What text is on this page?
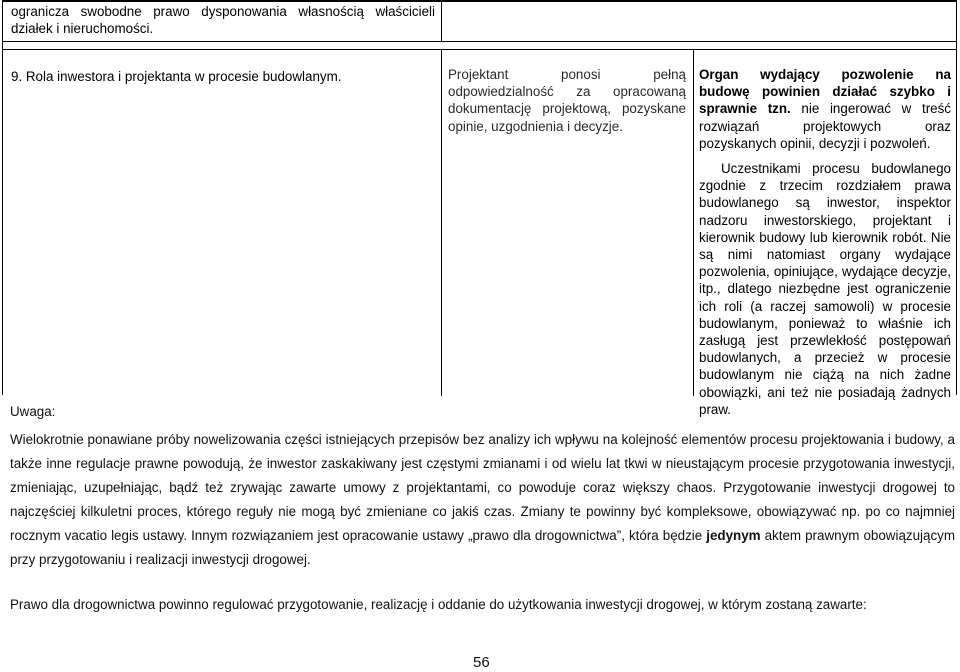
ogranicza swobodne prawo dysponowania własnością właścicieli działek i nieruchomości.
9. Rola inwestora i projektanta w procesie budowlanym.	Projektant ponosi pełną odpowiedzialność za opracowaną dokumentację projektową, pozyskane opinie, uzgodnienia i decyzje.
Organ wydający pozwolenie na budowę powinien działać szybko i sprawnie tzn. nie ingerować w treść rozwiązań projektowych oraz pozyskanych opinii, decyzji i pozwoleń.
Uczestnikami procesu budowlanego zgodnie z trzecim rozdziałem prawa budowlanego są inwestor, inspektor nadzoru inwestorskiego, projektant i kierownik budowy lub kierownik robót. Nie są nimi natomiast organy wydające pozwolenia, opiniujące, wydające decyzje, itp., dlatego niezbędne jest ograniczenie ich roli (a raczej samowoli) w procesie budowlanym, ponieważ to właśnie ich zasługą jest przewlekłość postępowań budowlanych, a przecież w procesie budowlanym nie ciążą na nich żadne obowiązki, ani też nie posiadają żadnych praw.
Uwaga:
Wielokrotnie ponawiane próby nowelizowania części istniejących przepisów bez analizy ich wpływu na kolejność elementów procesu projektowania i budowy, a także inne regulacje prawne powodują, że inwestor zaskakiwany jest częstymi zmianami i od wielu lat tkwi w nieustającym procesie przygotowania inwestycji, zmieniając, uzupełniając, bądź też zrywając zawarte umowy z projektantami, co powoduje coraz większy chaos. Przygotowanie inwestycji drogowej to najczęściej kilkuletni proces, którego reguły nie mogą być zmieniane co jakiś czas. Zmiany te powinny być kompleksowe, obowiązywać np. po co najmniej rocznym vacatio legis ustawy. Innym rozwiązaniem jest opracowanie ustawy „prawo dla drogownictwa”, która będzie jedynym aktem prawnym obowiązującym przy przygotowaniu i realizacji inwestycji drogowej.
Prawo dla drogownictwa powinno regulować przygotowanie, realizację i oddanie do użytkowania inwestycji drogowej, w którym zostaną zawarte:
56
